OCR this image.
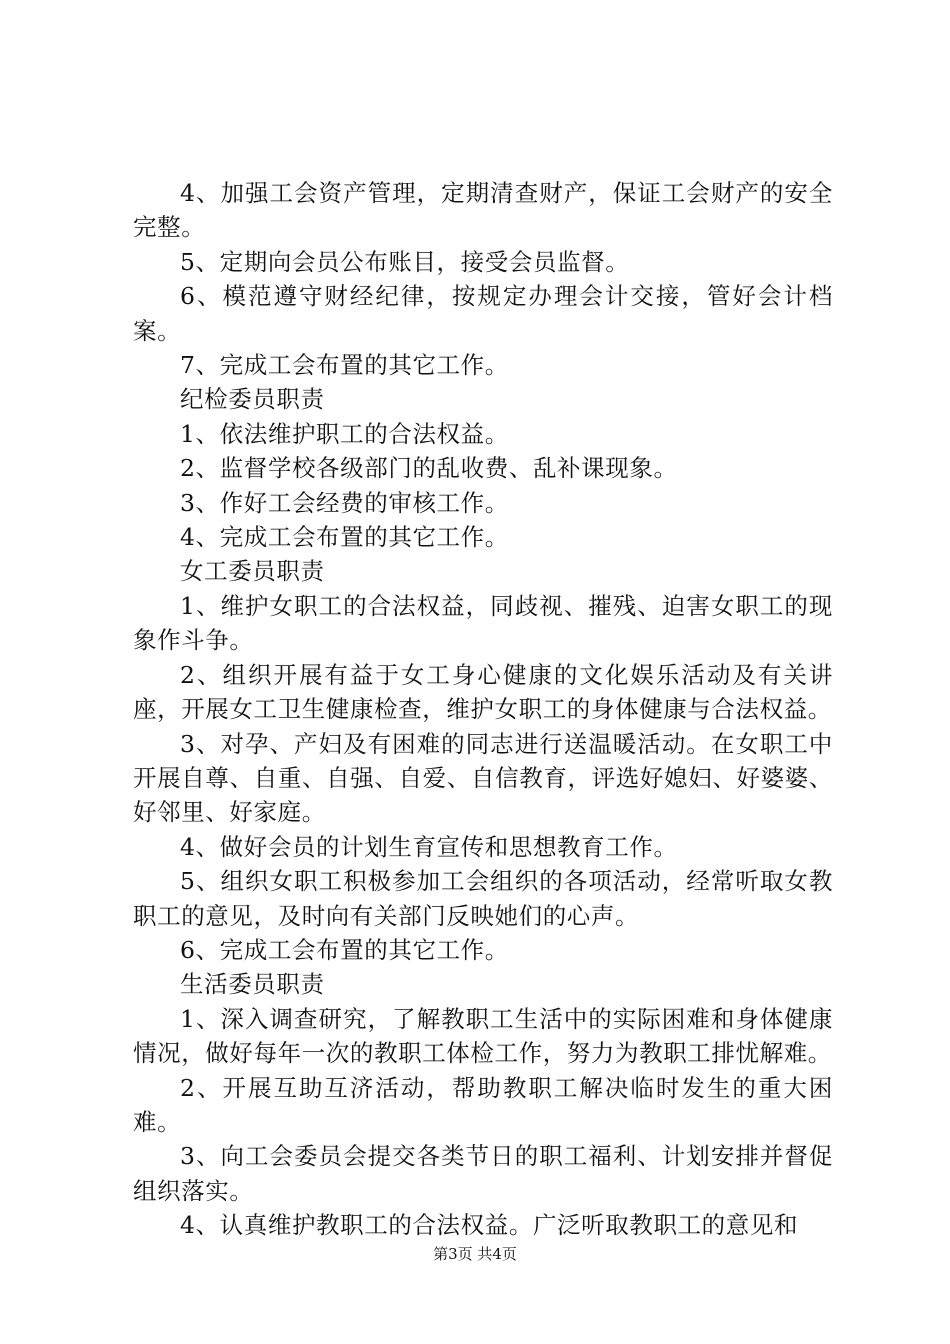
4、加强工会资产管理，定期清查财产，保证工会财产的安全完整。

5、定期向会员公布账目，接受会员监督。

6、模范遵守财经纪律，按规定办理会计交接，管好会计档案。

7、完成工会布置的其它工作。

纪检委员职责

1、依法维护职工的合法权益。

2、监督学校各级部门的乱收费、乱补课现象。

3、作好工会经费的审核工作。

4、完成工会布置的其它工作。

女工委员职责

1、维护女职工的合法权益，同歧视、摧残、迫害女职工的现象作斗争。

2、组织开展有益于女工身心健康的文化娱乐活动及有关讲座，开展女工卫生健康检查，维护女职工的身体健康与合法权益。

3、对孕、产妇及有困难的同志进行送温暖活动。在女职工中开展自尊、自重、自强、自爱、自信教育，评选好媳妇、好婆婆、好邻里、好家庭。

4、做好会员的计划生育宣传和思想教育工作。

5、组织女职工积极参加工会组织的各项活动，经常听取女教职工的意见，及时向有关部门反映她们的心声。

6、完成工会布置的其它工作。

生活委员职责

1、深入调查研究，了解教职工生活中的实际困难和身体健康情况，做好每年一次的教职工体检工作，努力为教职工排忧解难。

2、开展互助互济活动，帮助教职工解决临时发生的重大困难。

3、向工会委员会提交各类节日的职工福利、计划安排并督促组织落实。

4、认真维护教职工的合法权益。广泛听取教职工的意见和

第3页 共4页
